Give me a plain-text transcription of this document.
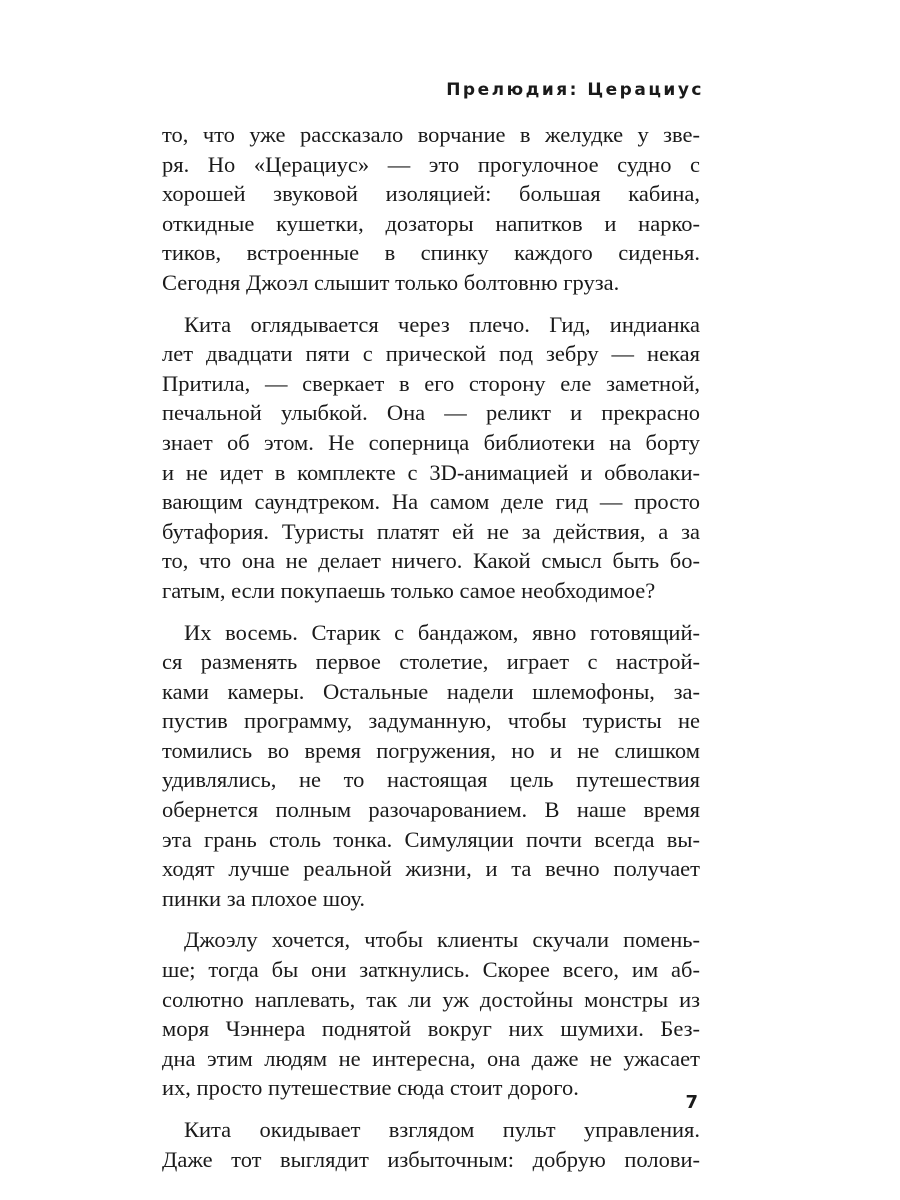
Прелюдия: Церациус

то, что уже рассказало ворчание в желудке у зве-
ря. Но «Церациус» — это прогулочное судно с
хорошей звуковой изоляцией: большая кабина,
откидные кушетки, дозаторы напитков и нарко-
тиков, встроенные в спинку каждого сиденья.
Сегодня Джоэл слышит только болтовню груза.

Кита оглядывается через плечо. Гид, индианка
лет двадцати пяти с прической под зебру — некая
Притила, — сверкает в его сторону еле заметной,
печальной улыбкой. Она — реликт и прекрасно
знает об этом. Не соперница библиотеки на борту
и не идет в комплекте с 3D-анимацией и обволаки-
вающим саундтреком. На самом деле гид — просто
бутафория. Туристы платят ей не за действия, а за
то, что она не делает ничего. Какой смысл быть бо-
гатым, если покупаешь только самое необходимое?

Их восемь. Старик с бандажом, явно готовящий-
ся разменять первое столетие, играет с настрой-
ками камеры. Остальные надели шлемофоны, за-
пустив программу, задуманную, чтобы туристы не
томились во время погружения, но и не слишком
удивлялись, не то настоящая цель путешествия
обернется полным разочарованием. В наше время
эта грань столь тонка. Симуляции почти всегда вы-
ходят лучше реальной жизни, и та вечно получает
пинки за плохое шоу.

Джоэлу хочется, чтобы клиенты скучали помень-
ше; тогда бы они заткнулись. Скорее всего, им аб-
солютно наплевать, так ли уж достойны монстры из
моря Чэннера поднятой вокруг них шумихи. Без-
дна этим людям не интересна, она даже не ужасает
их, просто путешествие сюда стоит дорого.

Кита окидывает взглядом пульт управления.
Даже тот выглядит избыточным: добрую полови-

7
